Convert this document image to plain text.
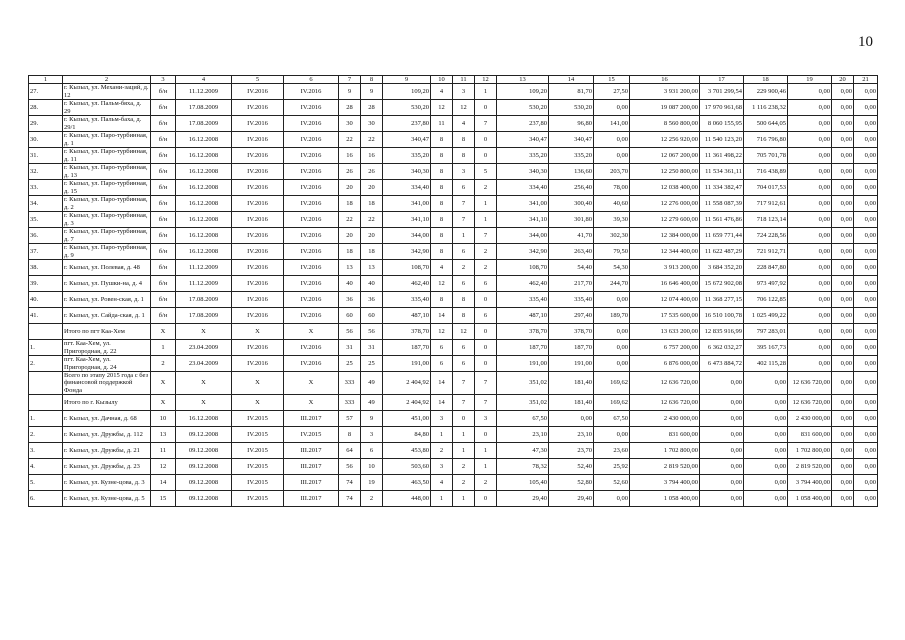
10
1	2	3	4	5	6	7	8	9	10	11	12	13	14	15	16	17	18	19	20	21
27.	г. Кызыл, ул. Механи-заций, д. 12	б/н	11.12.2009	IV.2016	IV.2016	9	9	109,20	4	3	1	109,20	81,70	27,50	3 931 200,00	3 701 299,54	229 900,46	0,00	0,00	0,00
28.	г. Кызыл, ул. Пальм-бяха, д. 29	б/н	17.08.2009	IV.2016	IV.2016	28	28	530,20	12	12	0	530,20	530,20	0,00	19 087 200,00	17 970 961,68	1 116 238,32	0,00	0,00	0,00
29.	г. Кызыл, ул. Пальм-баха, д. 29/1	б/н	17.08.2009	IV.2016	IV.2016	30	30	237,80	11	4	7	237,80	96,80	141,00	8 560 800,00	8 060 155,95	500 644,05	0,00	0,00	0,00
30.	г. Кызыл, ул. Паро-турбинная, д. 1	б/н	16.12.2008	IV.2016	IV.2016	22	22	340,47	8	8	0	340,47	340,47	0,00	12 256 920,00	11 540 123,20	716 796,80	0,00	0,00	0,00
31.	г. Кызыл, ул. Паро-турбинная, д. 11	б/н	16.12.2008	IV.2016	IV.2016	16	16	335,20	8	8	0	335,20	335,20	0,00	12 067 200,00	11 361 498,22	705 701,78	0,00	0,00	0,00
32.	г. Кызыл, ул. Паро-турбинная, д. 13	б/н	16.12.2008	IV.2016	IV.2016	26	26	340,30	8	3	5	340,30	136,60	203,70	12 250 800,00	11 534 361,11	716 438,89	0,00	0,00	0,00
33.	г. Кызыл, ул. Паро-турбинная, д. 15	б/н	16.12.2008	IV.2016	IV.2016	20	20	334,40	8	6	2	334,40	256,40	78,00	12 038 400,00	11 334 382,47	704 017,53	0,00	0,00	0,00
34.	г. Кызыл, ул. Паро-турбинная, д. 2	б/н	16.12.2008	IV.2016	IV.2016	18	18	341,00	8	7	1	341,00	300,40	40,60	12 276 000,00	11 558 087,39	717 912,61	0,00	0,00	0,00
35.	г. Кызыл, ул. Паро-турбинная, д. 3	б/н	16.12.2008	IV.2016	IV.2016	22	22	341,10	8	7	1	341,10	301,80	39,30	12 279 600,00	11 561 476,86	718 123,14	0,00	0,00	0,00
36.	г. Кызыл, ул. Паро-турбинная, д. 7	б/н	16.12.2008	IV.2016	IV.2016	20	20	344,00	8	1	7	344,00	41,70	302,30	12 384 000,00	11 659 771,44	724 228,56	0,00	0,00	0,00
37.	г. Кызыл, ул. Паро-турбинная, д. 9	б/н	16.12.2008	IV.2016	IV.2016	18	18	342,90	8	6	2	342,90	263,40	79,50	12 344 400,00	11 622 487,29	721 912,71	0,00	0,00	0,00
38.	г. Кызыл, ул. Полевая, д. 48	б/н	11.12.2009	IV.2016	IV.2016	13	13	108,70	4	2	2	108,70	54,40	54,30	3 913 200,00	3 684 352,20	228 847,80	0,00	0,00	0,00
39.	г. Кызыл, ул. Пушки-на, д. 4	б/н	11.12.2009	IV.2016	IV.2016	40	40	462,40	12	6	6	462,40	217,70	244,70	16 646 400,00	15 672 902,08	973 497,92	0,00	0,00	0,00
40.	г. Кызыл, ул. Ровен-ская, д. 1	б/н	17.08.2009	IV.2016	IV.2016	36	36	335,40	8	8	0	335,40	335,40	0,00	12 074 400,00	11 368 277,15	706 122,85	0,00	0,00	0,00
41.	г. Кызыл, ул. Сайда-ская, д. 1	б/н	17.08.2009	IV.2016	IV.2016	60	60	487,10	14	8	6	487,10	297,40	189,70	17 535 600,00	16 510 100,78	1 025 499,22	0,00	0,00	0,00
	Итого по пгт Каа-Хем	X	X	X	X	56	56	378,70	12	12	0	378,70	378,70	0,00	13 633 200,00	12 835 916,99	797 283,01	0,00	0,00	0,00
1.	пгт. Каа-Хем, ул. Пригородная, д. 22	1	23.04.2009	IV.2016	IV.2016	31	31	187,70	6	6	0	187,70	187,70	0,00	6 757 200,00	6 362 032,27	395 167,73	0,00	0,00	0,00
2.	пгт. Каа-Хем, ул. Пригородная, д. 24	2	23.04.2009	IV.2016	IV.2016	25	25	191,00	6	6	0	191,00	191,00	0,00	6 876 000,00	6 473 884,72	402 115,28	0,00	0,00	0,00
	Всего по этапу 2015 года с без финансовой поддержкой Фонда	X	X	X	X	333	49	2 404,92	14	7	7	351,02	181,40	169,62	12 636 720,00	0,00	0,00	12 636 720,00	0,00	0,00
	Итого по г. Кызылу	X	X	X	X	333	49	2 404,92	14	7	7	351,02	181,40	169,62	12 636 720,00	0,00	0,00	12 636 720,00	0,00	0,00
1.	г. Кызыл, ул. Дачная, д. 68	10	16.12.2008	IV.2015	III.2017	57	9	451,00	3	0	3	67,50	0,00	67,50	2 430 000,00	0,00	0,00	2 430 000,00	0,00	0,00
2.	г. Кызыл, ул. Дружбы, д. 112	13	09.12.2008	IV.2015	IV.2015	8	3	84,80	1	1	0	23,10	23,10	0,00	831 600,00	0,00	0,00	831 600,00	0,00	0,00
3.	г. Кызыл, ул. Дружбы, д. 21	11	09.12.2008	IV.2015	III.2017	64	6	453,80	2	1	1	47,30	23,70	23,60	1 702 800,00	0,00	0,00	1 702 800,00	0,00	0,00
4.	г. Кызыл, ул. Дружбы, д. 23	12	09.12.2008	IV.2015	III.2017	56	10	503,60	3	2	1	78,32	52,40	25,92	2 819 520,00	0,00	0,00	2 819 520,00	0,00	0,00
5.	г. Кызыл, ул. Кузне-цова, д. 3	14	09.12.2008	IV.2015	III.2017	74	19	463,50	4	2	2	105,40	52,80	52,60	3 794 400,00	0,00	0,00	3 794 400,00	0,00	0,00
6.	г. Кызыл, ул. Кузне-цова, д. 5	15	09.12.2008	IV.2015	III.2017	74	2	448,00	1	1	0	29,40	29,40	0,00	1 058 400,00	0,00	0,00	1 058 400,00	0,00	0,00
